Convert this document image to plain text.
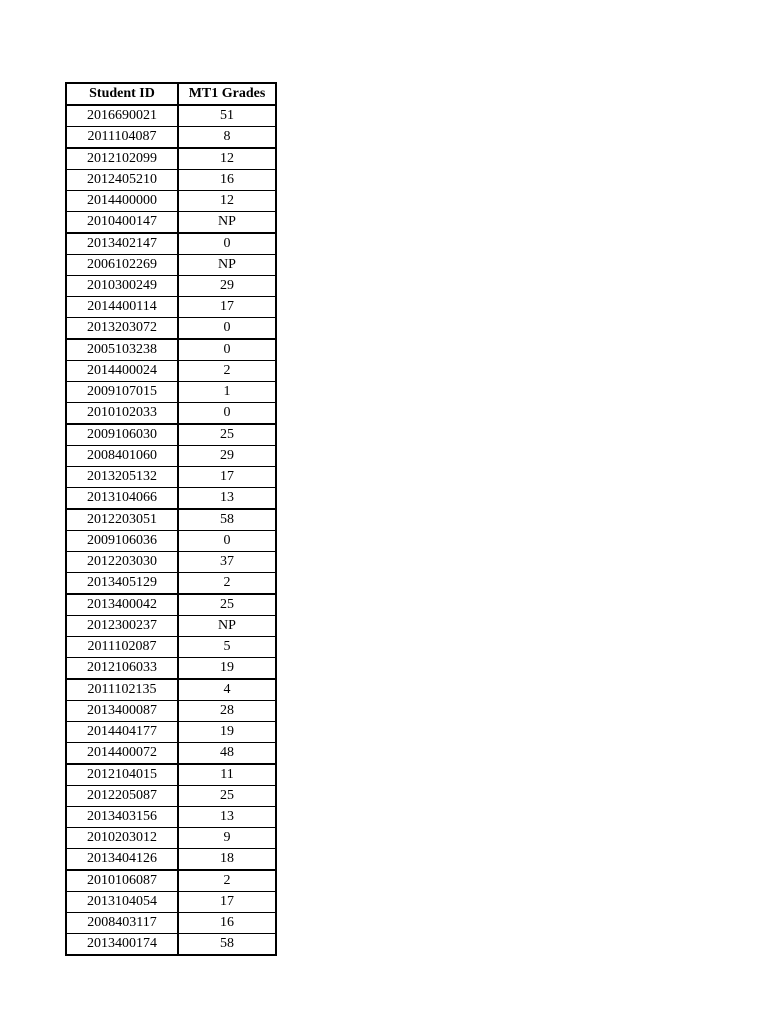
Student ID	MT1 Grades
2016690021	51
2011104087	8
2012102099	12
2012405210	16
2014400000	12
2010400147	NP
2013402147	0
2006102269	NP
2010300249	29
2014400114	17
2013203072	0
2005103238	0
2014400024	2
2009107015	1
2010102033	0
2009106030	25
2008401060	29
2013205132	17
2013104066	13
2012203051	58
2009106036	0
2012203030	37
2013405129	2
2013400042	25
2012300237	NP
2011102087	5
2012106033	19
2011102135	4
2013400087	28
2014404177	19
2014400072	48
2012104015	11
2012205087	25
2013403156	13
2010203012	9
2013404126	18
2010106087	2
2013104054	17
2008403117	16
2013400174	58
